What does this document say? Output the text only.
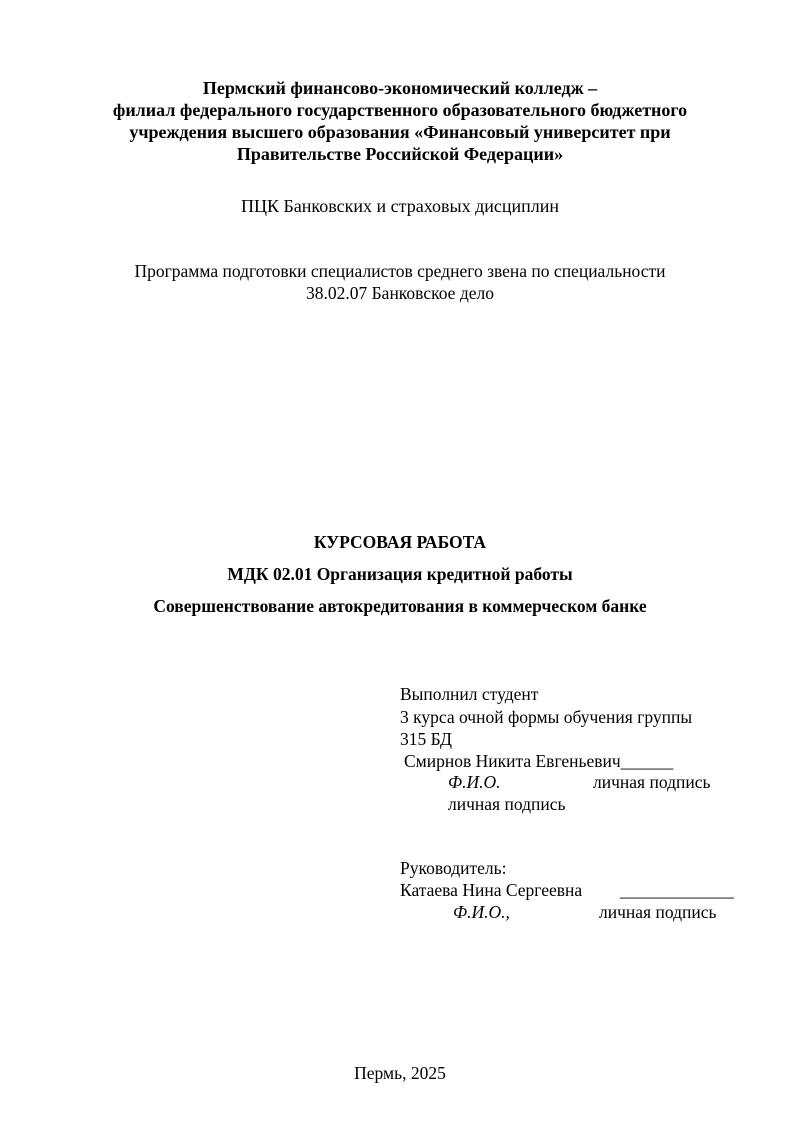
Пермский финансово-экономический колледж –
филиал федерального государственного образовательного бюджетного
учреждения высшего образования «Финансовый университет при
Правительстве Российской Федерации»
ПЦК Банковских и страховых дисциплин
Программа подготовки специалистов среднего звена по специальности
38.02.07 Банковское дело
КУРСОВАЯ РАБОТА
МДК 02.01 Организация кредитной работы
Совершенствование автокредитования в коммерческом банке
Выполнил студент
3 курса очной формы обучения группы
315 БД
Смирнов Никита Евгеньевич______
Ф.И.О.	личная подпись
личная подпись
Руководитель:
Катаева Нина Сергеевна _____________
Ф.И.О.,	личная подпись
Пермь, 2025
